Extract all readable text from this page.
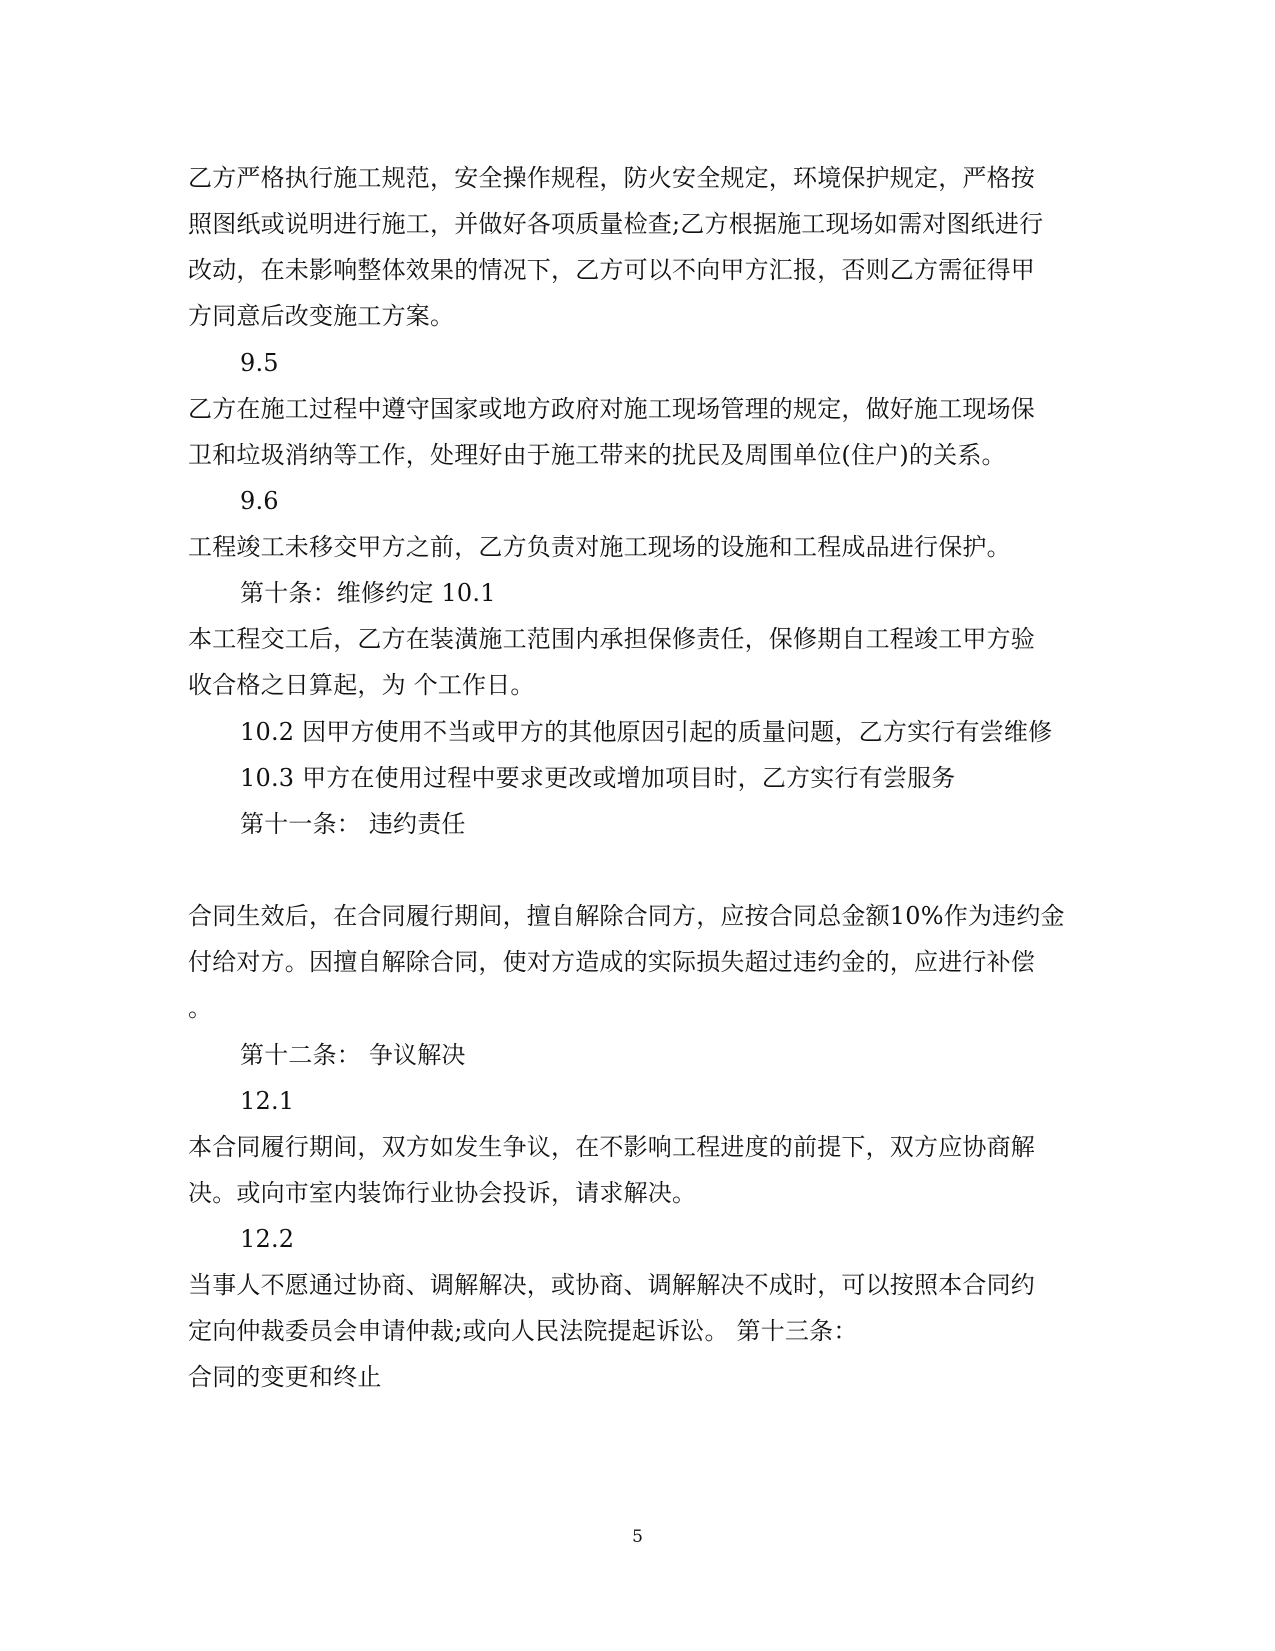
乙方严格执行施工规范，安全操作规程，防火安全规定，环境保护规定，严格按
照图纸或说明进行施工，并做好各项质量检查;乙方根据施工现场如需对图纸进行
改动，在未影响整体效果的情况下，乙方可以不向甲方汇报，否则乙方需征得甲
方同意后改变施工方案。
9.5
乙方在施工过程中遵守国家或地方政府对施工现场管理的规定，做好施工现场保
卫和垃圾消纳等工作，处理好由于施工带来的扰民及周围单位(住户)的关系。
9.6
工程竣工未移交甲方之前，乙方负责对施工现场的设施和工程成品进行保护。
第十条：维修约定 10.1
本工程交工后，乙方在装潢施工范围内承担保修责任，保修期自工程竣工甲方验
收合格之日算起，为 个工作日。
10.2 因甲方使用不当或甲方的其他原因引起的质量问题，乙方实行有尝维修
10.3 甲方在使用过程中要求更改或增加项目时，乙方实行有尝服务
第十一条： 违约责任
合同生效后，在合同履行期间，擅自解除合同方，应按合同总金额10%作为违约金
付给对方。因擅自解除合同，使对方造成的实际损失超过违约金的，应进行补偿
。
第十二条： 争议解决
12.1
本合同履行期间，双方如发生争议，在不影响工程进度的前提下，双方应协商解
决。或向市室内装饰行业协会投诉，请求解决。
12.2
当事人不愿通过协商、调解解决，或协商、调解解决不成时，可以按照本合同约
定向仲裁委员会申请仲裁;或向人民法院提起诉讼。 第十三条：
合同的变更和终止
5
